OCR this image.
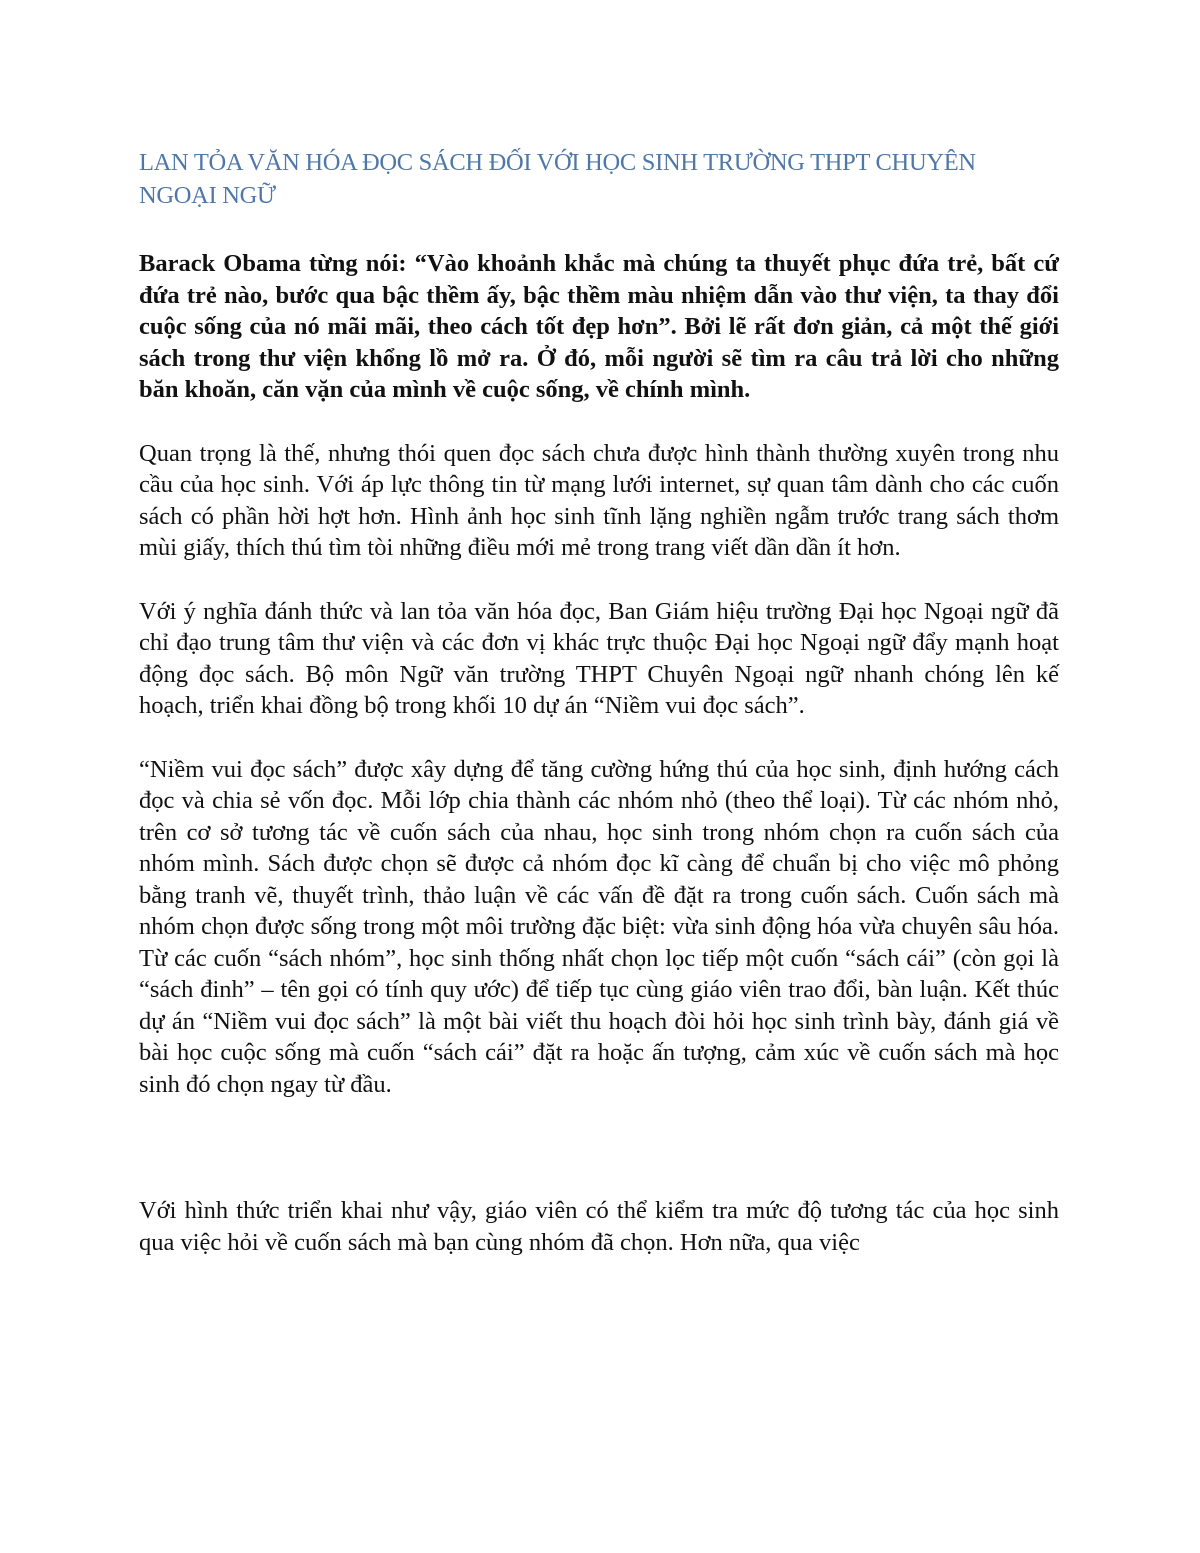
LAN TỎA VĂN HÓA ĐỌC SÁCH ĐỐI VỚI HỌC SINH TRƯỜNG THPT CHUYÊN NGOẠI NGỮ

Barack Obama từng nói: “Vào khoảnh khắc mà chúng ta thuyết phục đứa trẻ, bất cứ đứa trẻ nào, bước qua bậc thềm ấy, bậc thềm màu nhiệm dẫn vào thư viện, ta thay đổi cuộc sống của nó mãi mãi, theo cách tốt đẹp hơn”. Bởi lẽ rất đơn giản, cả một thế giới sách trong thư viện khổng lồ mở ra. Ở đó, mỗi người sẽ tìm ra câu trả lời cho những băn khoăn, căn vặn của mình về cuộc sống, về chính mình.

Quan trọng là thế, nhưng thói quen đọc sách chưa được hình thành thường xuyên trong nhu cầu của học sinh. Với áp lực thông tin từ mạng lưới internet, sự quan tâm dành cho các cuốn sách có phần hời hợt hơn. Hình ảnh học sinh tĩnh lặng nghiền ngẫm trước trang sách thơm mùi giấy, thích thú tìm tòi những điều mới mẻ trong trang viết dần dần ít hơn.

Với ý nghĩa đánh thức và lan tỏa văn hóa đọc, Ban Giám hiệu trường Đại học Ngoại ngữ đã chỉ đạo trung tâm thư viện và các đơn vị khác trực thuộc Đại học Ngoại ngữ đẩy mạnh hoạt động đọc sách. Bộ môn Ngữ văn trường THPT Chuyên Ngoại ngữ nhanh chóng lên kế hoạch, triển khai đồng bộ trong khối 10 dự án “Niềm vui đọc sách”.

“Niềm vui đọc sách” được xây dựng để tăng cường hứng thú của học sinh, định hướng cách đọc và chia sẻ vốn đọc. Mỗi lớp chia thành các nhóm nhỏ (theo thể loại). Từ các nhóm nhỏ, trên cơ sở tương tác về cuốn sách của nhau, học sinh trong nhóm chọn ra cuốn sách của nhóm mình. Sách được chọn sẽ được cả nhóm đọc kĩ càng để chuẩn bị cho việc mô phỏng bằng tranh vẽ, thuyết trình, thảo luận về các vấn đề đặt ra trong cuốn sách. Cuốn sách mà nhóm chọn được sống trong một môi trường đặc biệt: vừa sinh động hóa vừa chuyên sâu hóa. Từ các cuốn “sách nhóm”, học sinh thống nhất chọn lọc tiếp một cuốn “sách cái” (còn gọi là “sách đinh” – tên gọi có tính quy ước) để tiếp tục cùng giáo viên trao đổi, bàn luận. Kết thúc dự án “Niềm vui đọc sách” là một bài viết thu hoạch đòi hỏi học sinh trình bày, đánh giá về bài học cuộc sống mà cuốn “sách cái” đặt ra hoặc ấn tượng, cảm xúc về cuốn sách mà học sinh đó chọn ngay từ đầu.

Với hình thức triển khai như vậy, giáo viên có thể kiểm tra mức độ tương tác của học sinh qua việc hỏi về cuốn sách mà bạn cùng nhóm đã chọn. Hơn nữa, qua việc
